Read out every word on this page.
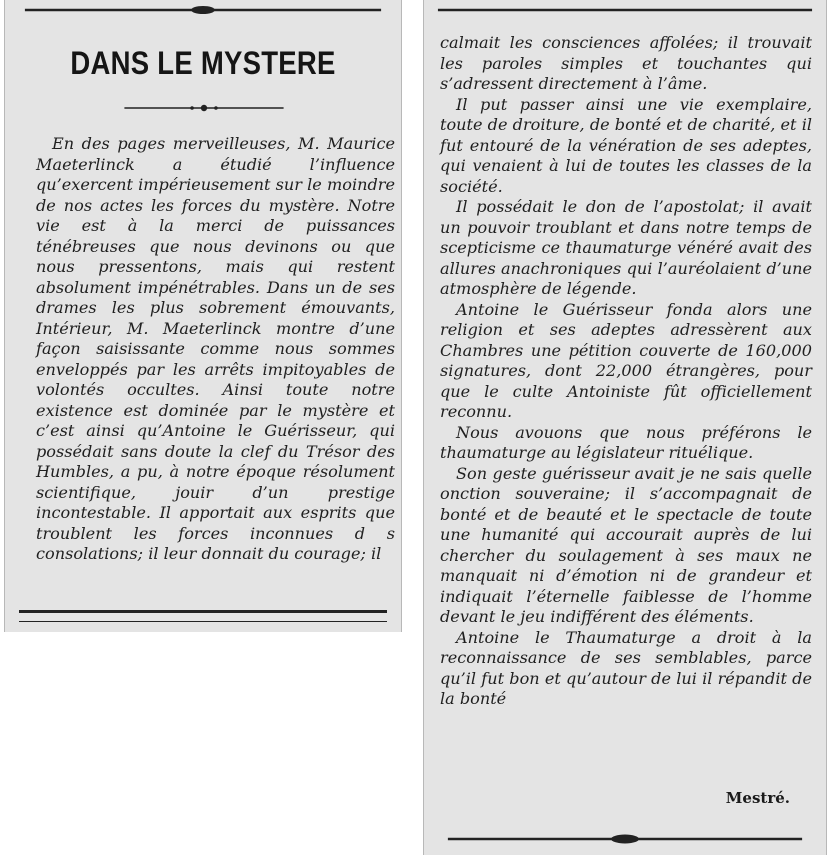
DANS LE MYSTERE

En des pages merveilleuses, M. Maurice Maeterlinck a étudié l’influence qu’exercent impérieusement sur le moindre de nos actes les forces du mystère. Notre vie est à la merci de puissances ténébreuses que nous devinons ou que nous pressentons, mais qui restent absolument impénétrables. Dans un de ses drames les plus sobrement émouvants, Intérieur, M. Maeterlinck montre d’une façon saisissante comme nous sommes enveloppés par les arrêts impitoyables de volontés occultes. Ainsi toute notre existence est dominée par le mystère et c’est ainsi qu’Antoine le Guérisseur, qui possédait sans doute la clef du Trésor des Humbles, a pu, à notre époque résolument scientifique, jouir d’un prestige incontestable. Il apportait aux esprits que troublent les forces inconnues d s consolations; il leur donnait du courage; il

calmait les consciences affolées; il trouvait les paroles simples et touchantes qui s’adressent directement à l’âme.

Il put passer ainsi une vie exemplaire, toute de droiture, de bonté et de charité, et il fut entouré de la vénération de ses adeptes, qui venaient à lui de toutes les classes de la société.

Il possédait le don de l’apostolat; il avait un pouvoir troublant et dans notre temps de scepticisme ce thaumaturge vénéré avait des allures anachroniques qui l’auréolaient d’une atmosphère de légende.

Antoine le Guérisseur fonda alors une religion et ses adeptes adressèrent aux Chambres une pétition couverte de 160,000 signatures, dont 22,000 étrangères, pour que le culte Antoiniste fût officiellement reconnu.

Nous avouons que nous préférons le thaumaturge au législateur rituélique.

Son geste guérisseur avait je ne sais quelle onction souveraine; il s’accompagnait de bonté et de beauté et le spectacle de toute une humanité qui accourait auprès de lui chercher du soulagement à ses maux ne manquait ni d’émotion ni de grandeur et indiquait l’éternelle faiblesse de l’homme devant le jeu indifférent des éléments.

Antoine le Thaumaturge a droit à la reconnaissance de ses semblables, parce qu’il fut bon et qu’autour de lui il répandit de la bonté

Mestré.
